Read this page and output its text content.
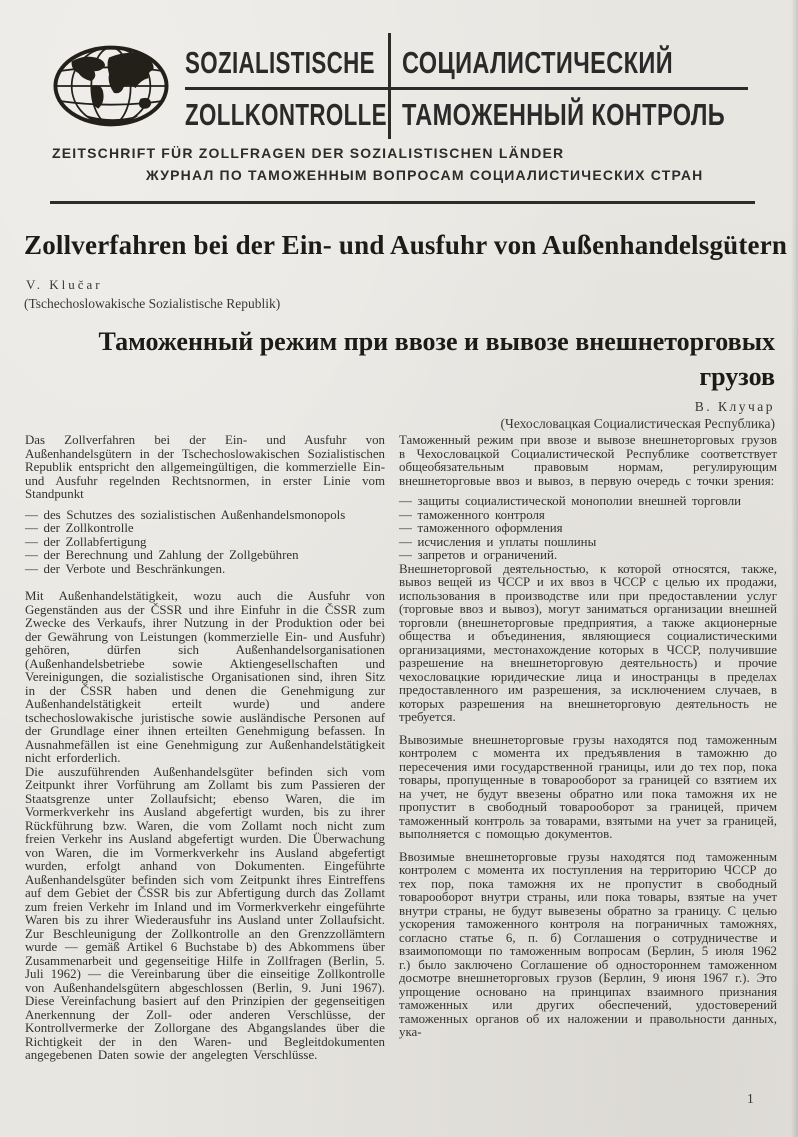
SOZIALISTISCHE СОЦИАЛИСТИЧЕСКИЙ
ZOLLKONTROLLE ТАМОЖЕННЫЙ КОНТРОЛЬ
ZEITSCHRIFT FÜR ZOLLFRAGEN DER SOZIALISTISCHEN LÄNDER
ЖУРНАЛ ПО ТАМОЖЕННЫМ ВОПРОСАМ СОЦИАЛИСТИЧЕСКИХ СТРАН
Zollverfahren bei der Ein- und Ausfuhr von Außenhandelsgütern
V. Klučar
(Tschechoslowakische Sozialistische Republik)
Таможенный режим при ввозе и вывозе внешнеторговых грузов
В. Клучар
(Чехословацкая Социалистическая Республика)

Das Zollverfahren bei der Ein- und Ausfuhr von Außenhandelsgütern in der Tschechoslowakischen Sozialistischen Republik entspricht den allgemeingültigen, die kommerzielle Ein- und Ausfuhr regelnden Rechtsnormen, in erster Linie vom Standpunkt

— des Schutzes des sozialistischen Außenhandelsmonopols
— der Zollkontrolle
— der Zollabfertigung
— der Berechnung und Zahlung der Zollgebühren
— der Verbote und Beschränkungen.

Mit Außenhandelstätigkeit, wozu auch die Ausfuhr von Gegenständen aus der ČSSR und ihre Einfuhr in die ČSSR zum Zwecke des Verkaufs, ihrer Nutzung in der Produktion oder bei der Gewährung von Leistungen (kommerzielle Ein- und Ausfuhr) gehören, dürfen sich Außenhandelsorganisationen (Außenhandelsbetriebe sowie Aktiengesellschaften und Vereinigungen, die sozialistische Organisationen sind, ihren Sitz in der ČSSR haben und denen die Genehmigung zur Außenhandelstätigkeit erteilt wurde) und andere tschechoslowakische juristische sowie ausländische Personen auf der Grundlage einer ihnen erteilten Genehmigung befassen. In Ausnahmefällen ist eine Genehmigung zur Außenhandelstätigkeit nicht erforderlich.

Die auszuführenden Außenhandelsgüter befinden sich vom Zeitpunkt ihrer Vorführung am Zollamt bis zum Passieren der Staatsgrenze unter Zollaufsicht; ebenso Waren, die im Vormerkverkehr ins Ausland abgefertigt wurden, bis zu ihrer Rückführung bzw. Waren, die vom Zollamt noch nicht zum freien Verkehr ins Ausland abgefertigt wurden. Die Überwachung von Waren, die im Vormerkverkehr ins Ausland abgefertigt wurden, erfolgt anhand von Dokumenten. Eingeführte Außenhandelsgüter befinden sich vom Zeitpunkt ihres Eintreffens auf dem Gebiet der ČSSR bis zur Abfertigung durch das Zollamt zum freien Verkehr im Inland und im Vormerkverkehr eingeführte Waren bis zu ihrer Wiederausfuhr ins Ausland unter Zollaufsicht. Zur Beschleunigung der Zollkontrolle an den Grenzzollämtern wurde — gemäß Artikel 6 Buchstabe b) des Abkommens über Zusammenarbeit und gegenseitige Hilfe in Zollfragen (Berlin, 5. Juli 1962) — die Vereinbarung über die einseitige Zollkontrolle von Außenhandelsgütern abgeschlossen (Berlin, 9. Juni 1967). Diese Vereinfachung basiert auf den Prinzipien der gegenseitigen Anerkennung der Zoll- oder anderen Verschlüsse, der Kontrollvermerke der Zollorgane des Abgangslandes über die Richtigkeit der in den Waren- und Begleitdokumenten angegebenen Daten sowie der angelegten Verschlüsse.

Таможенный режим при ввозе и вывозе внешнеторговых грузов в Чехословацкой Социалистической Республике соответствует общеобязательным правовым нормам, регулирующим внешнеторговые ввоз и вывоз, в первую очередь с точки зрения:

— защиты социалистической монополии внешней торговли
— таможенного контроля
— таможенного оформления
— исчисления и уплаты пошлины
— запретов и ограничений.

Внешнеторговой деятельностью, к которой относятся, также, вывоз вещей из ЧССР и их ввоз в ЧССР с целью их продажи, использования в производстве или при предоставлении услуг (торговые ввоз и вывоз), могут заниматься организации внешней торговли (внешнеторговые предприятия, а также акционерные общества и объединения, являющиеся социалистическими организациями, местонахождение которых в ЧССР, получившие разрешение на внешнеторговую деятельность) и прочие чехословацкие юридические лица и иностранцы в пределах предоставленного им разрешения, за исключением случаев, в которых разрешения на внешнеторговую деятельность не требуется.

Вывозимые внешнеторговые грузы находятся под таможенным контролем с момента их предъявления в таможню до пересечения ими государственной границы, или до тех пор, пока товары, пропущенные в товарооборот за границей со взятием их на учет, не будут ввезены обратно или пока таможня их не пропустит в свободный товарооборот за границей, причем таможенный контроль за товарами, взятыми на учет за границей, выполняется с помощью документов.

Ввозимые внешнеторговые грузы находятся под таможенным контролем с момента их поступления на территорию ЧССР до тех пор, пока таможня их не пропустит в свободный товарооборот внутри страны, или пока товары, взятые на учет внутри страны, не будут вывезены обратно за границу. С целью ускорения таможенного контроля на пограничных таможнях, согласно статье 6, п. б) Соглашения о сотрудничестве и взаимопомощи по таможенным вопросам (Берлин, 5 июля 1962 г.) было заключено Соглашение об одностороннем таможенном досмотре внешнеторговых грузов (Берлин, 9 июня 1967 г.). Это упрощение основано на принципах взаимного признания таможенных или других обеспечений, удостоверений таможенных органов об их наложении и правольности данных, ука-

1
